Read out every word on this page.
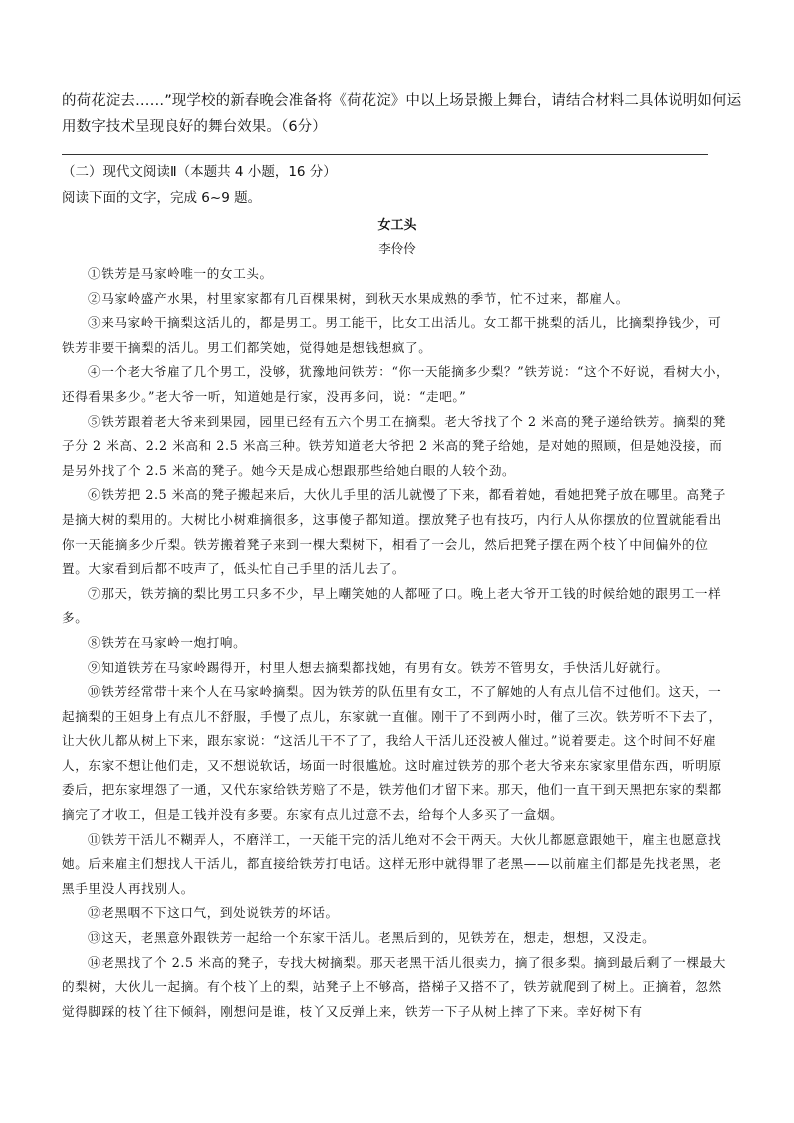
的荷花淀去……”现学校的新春晚会准备将《荷花淀》中以上场景搬上舞台，请结合材料二具体说明如何运用数字技术呈现良好的舞台效果。（6分）

（二）现代文阅读Ⅱ（本题共 4 小题，16 分）

阅读下面的文字，完成 6~9 题。

女工头

李伶伶

①铁芳是马家岭唯一的女工头。

②马家岭盛产水果，村里家家都有几百棵果树，到秋天水果成熟的季节，忙不过来，都雇人。

③来马家岭干摘梨这活儿的，都是男工。男工能干，比女工出活儿。女工都干挑梨的活儿，比摘梨挣钱少，可铁芳非要干摘梨的活儿。男工们都笑她，觉得她是想钱想疯了。

④一个老大爷雇了几个男工，没够，犹豫地问铁芳：“你一天能摘多少梨？”铁芳说：“这个不好说，看树大小，还得看果多少。”老大爷一听，知道她是行家，没再多问，说：“走吧。”

⑤铁芳跟着老大爷来到果园，园里已经有五六个男工在摘梨。老大爷找了个 2 米高的凳子递给铁芳。摘梨的凳子分 2 米高、2.2 米高和 2.5 米高三种。铁芳知道老大爷把 2 米高的凳子给她，是对她的照顾，但是她没接，而是另外找了个 2.5 米高的凳子。她今天是成心想跟那些给她白眼的人较个劲。

⑥铁芳把 2.5 米高的凳子搬起来后，大伙儿手里的活儿就慢了下来，都看着她，看她把凳子放在哪里。高凳子是摘大树的梨用的。大树比小树难摘很多，这事傻子都知道。摆放凳子也有技巧，内行人从你摆放的位置就能看出你一天能摘多少斤梨。铁芳搬着凳子来到一棵大梨树下，相看了一会儿，然后把凳子摆在两个枝丫中间偏外的位置。大家看到后都不吱声了，低头忙自己手里的活儿去了。

⑦那天，铁芳摘的梨比男工只多不少，早上嘲笑她的人都哑了口。晚上老大爷开工钱的时候给她的跟男工一样多。

⑧铁芳在马家岭一炮打响。

⑨知道铁芳在马家岭踢得开，村里人想去摘梨都找她，有男有女。铁芳不管男女，手快活儿好就行。

⑩铁芳经常带十来个人在马家岭摘梨。因为铁芳的队伍里有女工，不了解她的人有点儿信不过他们。这天，一起摘梨的王妲身上有点儿不舒服，手慢了点儿，东家就一直催。刚干了不到两小时，催了三次。铁芳听不下去了，让大伙儿都从树上下来，跟东家说：“这活儿干不了了，我给人干活儿还没被人催过。”说着要走。这个时间不好雇人，东家不想让他们走，又不想说软话，场面一时很尴尬。这时雇过铁芳的那个老大爷来东家家里借东西，听明原委后，把东家埋怨了一通，又代东家给铁芳赔了不是，铁芳他们才留下来。那天，他们一直干到天黑把东家的梨都摘完了才收工，但是工钱并没有多要。东家有点儿过意不去，给每个人多买了一盒烟。

⑪铁芳干活儿不糊弄人，不磨洋工，一天能干完的活儿绝对不会干两天。大伙儿都愿意跟她干，雇主也愿意找她。后来雇主们想找人干活儿，都直接给铁芳打电话。这样无形中就得罪了老黑——以前雇主们都是先找老黑，老黑手里没人再找别人。

⑫老黑咽不下这口气，到处说铁芳的坏话。

⑬这天，老黑意外跟铁芳一起给一个东家干活儿。老黑后到的，见铁芳在，想走，想想，又没走。

⑭老黑找了个 2.5 米高的凳子，专找大树摘梨。那天老黑干活儿很卖力，摘了很多梨。摘到最后剩了一棵最大的梨树，大伙儿一起摘。有个枝丫上的梨，站凳子上不够高，搭梯子又搭不了，铁芳就爬到了树上。正摘着，忽然觉得脚踩的枝丫往下倾斜，刚想问是谁，枝丫又反弹上来，铁芳一下子从树上摔了下来。幸好树下有
